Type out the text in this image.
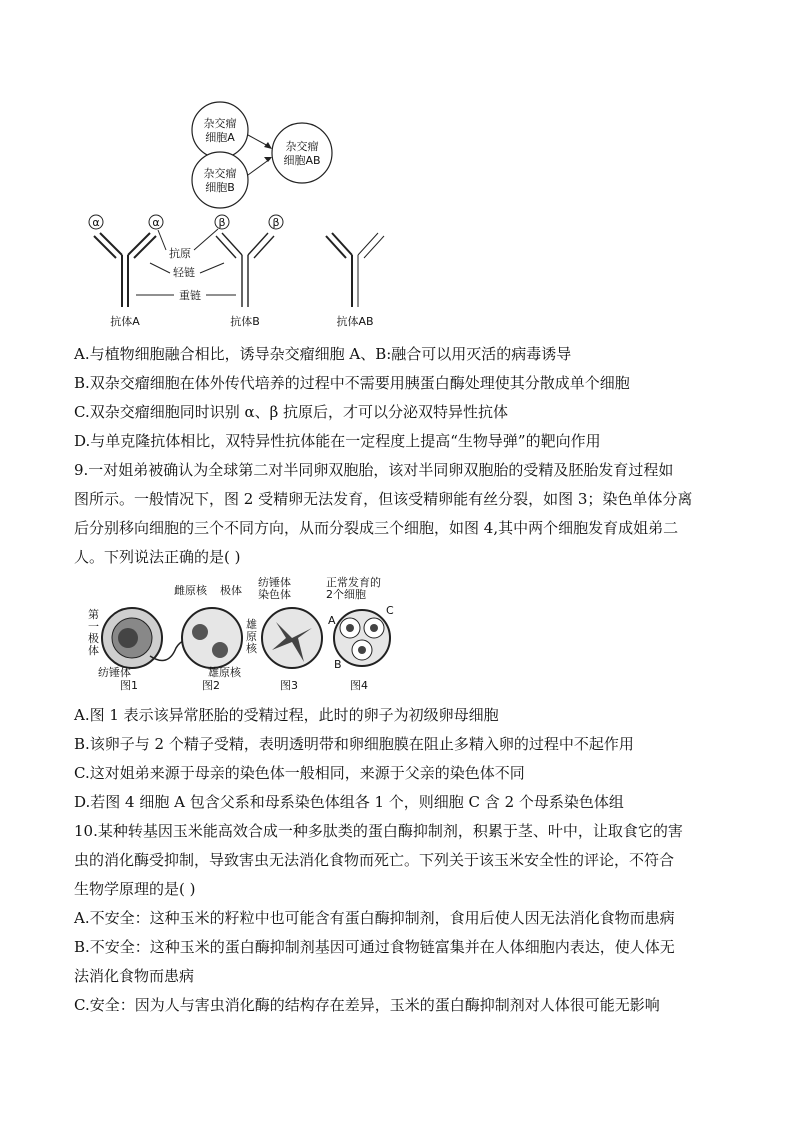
杂交瘤
细胞A
杂交瘤
细胞B
杂交瘤
细胞AB
α	α	β	β
抗原
轻链
重链
抗体A	抗体B	抗体AB
A.与植物细胞融合相比，诱导杂交瘤细胞 A、B:融合可以用灭活的病毒诱导
B.双杂交瘤细胞在体外传代培养的过程中不需要用胰蛋白酶处理使其分散成单个细胞
C.双杂交瘤细胞同时识别 α、β 抗原后，才可以分泌双特异性抗体
D.与单克隆抗体相比，双特异性抗体能在一定程度上提高“生物导弹”的靶向作用
9.一对姐弟被确认为全球第二对半同卵双胞胎，该对半同卵双胞胎的受精及胚胎发育过程如
图所示。一般情况下，图 2 受精卵无法发育，但该受精卵能有丝分裂，如图 3；染色单体分离
后分别移向细胞的三个不同方向，从而分裂成三个细胞，如图 4,其中两个细胞发育成姐弟二
人。下列说法正确的是( )
第
一
极
体
纺锤体
图1
雌原核 极体
雄
原
核
雄原核
图2
纺锤体
染色体
图3
正常发育的
2个细胞
A
B
C
图4
A.图 1 表示该异常胚胎的受精过程，此时的卵子为初级卵母细胞
B.该卵子与 2 个精子受精，表明透明带和卵细胞膜在阻止多精入卵的过程中不起作用
C.这对姐弟来源于母亲的染色体一般相同，来源于父亲的染色体不同
D.若图 4 细胞 A 包含父系和母系染色体组各 1 个，则细胞 C 含 2 个母系染色体组
10.某种转基因玉米能高效合成一种多肽类的蛋白酶抑制剂，积累于茎、叶中，让取食它的害
虫的消化酶受抑制，导致害虫无法消化食物而死亡。下列关于该玉米安全性的评论，不符合
生物学原理的是( )
A.不安全：这种玉米的籽粒中也可能含有蛋白酶抑制剂，食用后使人因无法消化食物而患病
B.不安全：这种玉米的蛋白酶抑制剂基因可通过食物链富集并在人体细胞内表达，使人体无
法消化食物而患病
C.安全：因为人与害虫消化酶的结构存在差异，玉米的蛋白酶抑制剂对人体很可能无影响
